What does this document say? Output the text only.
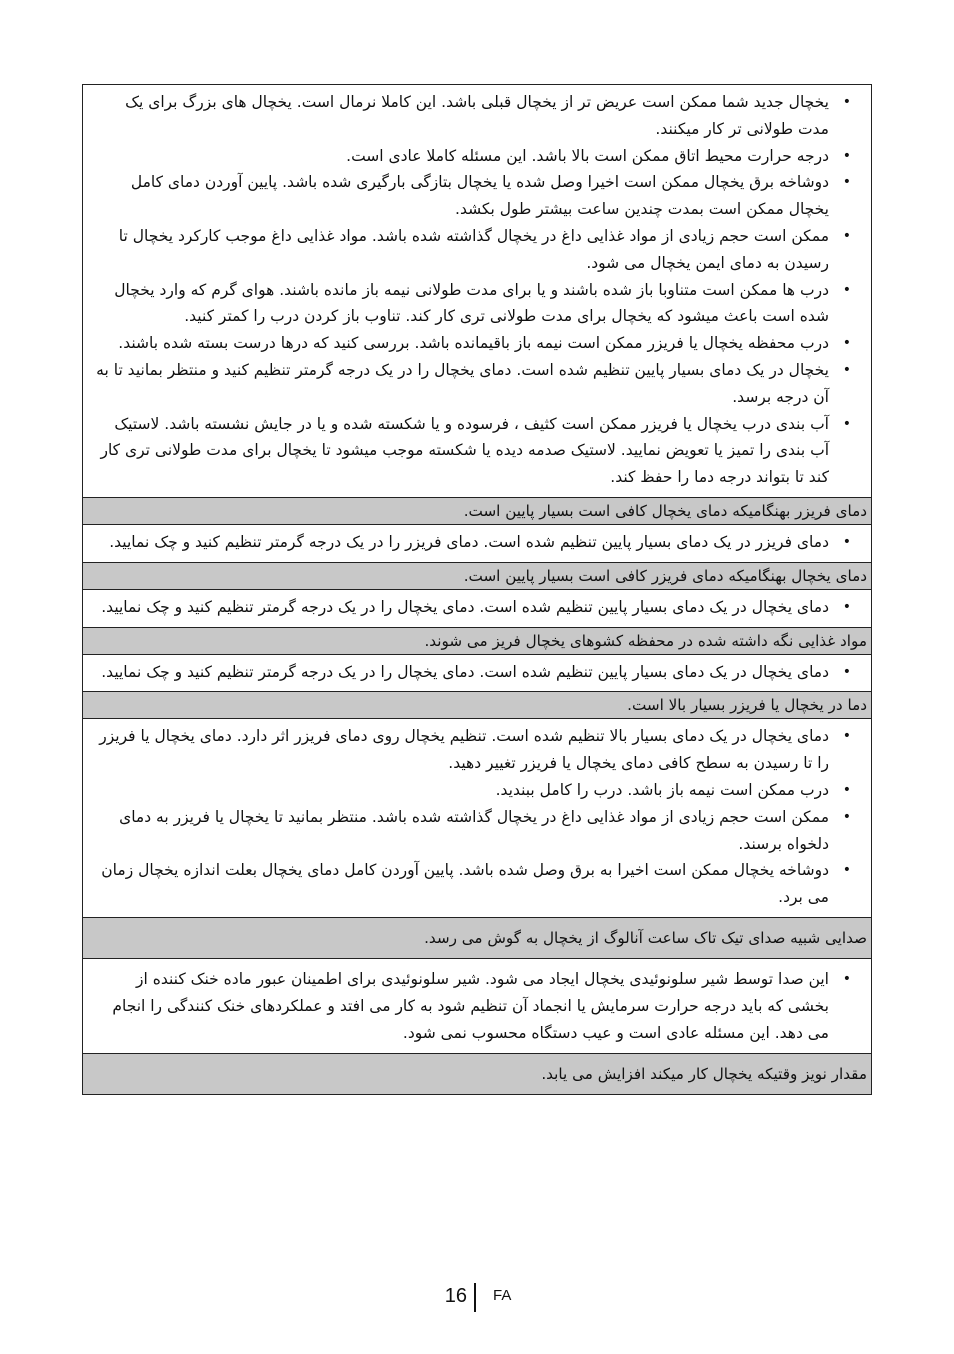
• یخچال جدید شما ممکن است عریض تر از یخچال قبلی باشد. این کاملا نرمال است. یخچال های بزرگ برای یک مدت طولانی تر کار میکنند.
• درجه حرارت محیط اتاق ممکن است بالا باشد. این مسئله کاملا عادی است.
• دوشاخه برق یخچال ممکن است اخیرا وصل شده یا یخچال بتازگی بارگیری شده باشد. پایین آوردن دمای کامل یخچال ممکن است بمدت چندین ساعت بیشتر طول بکشد.
• ممکن است حجم زیادی از مواد غذایی داغ در یخچال گذاشته شده باشد. مواد غذایی داغ موجب کارکرد یخچال تا رسیدن به دمای ایمن یخچال می شود.
• درب ها ممکن است متناوبا باز شده باشند و یا برای مدت طولانی نیمه باز مانده باشند. هوای گرم که وارد یخچال شده است باعث میشود که یخچال برای مدت طولانی تری کار کند. تناوب باز کردن درب را کمتر کنید.
• درب محفظه یخچال یا فریزر ممکن است نیمه باز باقیمانده باشد. بررسی کنید که درها درست بسته شده باشند.
• یخچال در یک دمای بسیار پایین تنظیم شده است. دمای یخچال را در یک درجه گرمتر تنظیم کنید و منتظر بمانید تا به آن درجه برسد.
• آب بندی درب یخچال یا فریزر ممکن است کثیف ، فرسوده و یا شکسته شده و یا در جایش نشسته باشد. لاستیک آب بندی را تمیز یا تعویض نمایید. لاستیک صدمه دیده یا شکسته موجب میشود تا یخچال برای مدت طولانی تری کار کند تا بتواند درجه دما را حفظ کند.
دمای فریزر بهنگامیکه دمای یخچال کافی است بسیار پایین است.
• دمای فریزر در یک دمای بسیار پایین تنظیم شده است. دمای فریزر را در یک درجه گرمتر تنظیم کنید و چک نمایید.
دمای یخچال بهنگامیکه دمای فریزر کافی است بسیار پایین است.
• دمای یخچال در یک دمای بسیار پایین تنظیم شده است. دمای یخچال را در یک درجه گرمتر تنظیم کنید و چک نمایید.
مواد غذایی نگه داشته شده در محفظه کشوهای یخچال فریز می شوند.
• دمای یخچال در یک دمای بسیار پایین تنظیم شده است. دمای یخچال را در یک درجه گرمتر تنظیم کنید و چک نمایید.
دما در یخچال یا فریزر بسیار بالا است.
• دمای یخچال در یک دمای بسیار بالا تنظیم شده است. تنظیم یخچال روی دمای فریزر اثر دارد. دمای یخچال یا فریزر را تا رسیدن به سطح کافی دمای یخچال یا فریزر تغییر دهید.
• درب ممکن است نیمه باز باشد. درب را کامل ببندید.
• ممکن است حجم زیادی از مواد غذایی داغ در یخچال گذاشته شده باشد. منتظر بمانید تا یخچال یا فریزر به دمای دلخواه برسند.
• دوشاخه یخچال ممکن است اخیرا به برق وصل شده باشد. پایین آوردن کامل دمای یخچال بعلت اندازه یخچال زمان می برد.
صدایی شبیه صدای تیک تاک ساعت آنالوگ از یخچال به گوش می رسد.
• این صدا توسط شیر سلونوئیدی یخچال ایجاد می شود. شیر سلونوئیدی برای اطمینان عبور ماده خنک کننده از بخشی که باید درجه حرارت سرمایش یا انجماد آن تنظیم شود به کار می افتد و عملکردهای خنک کنندگی را انجام می دهد. این مسئله عادی است و عیب دستگاه محسوب نمی شود.
مقدار نویز وقتیکه یخچال کار میکند افزایش می یابد.
16 FA
